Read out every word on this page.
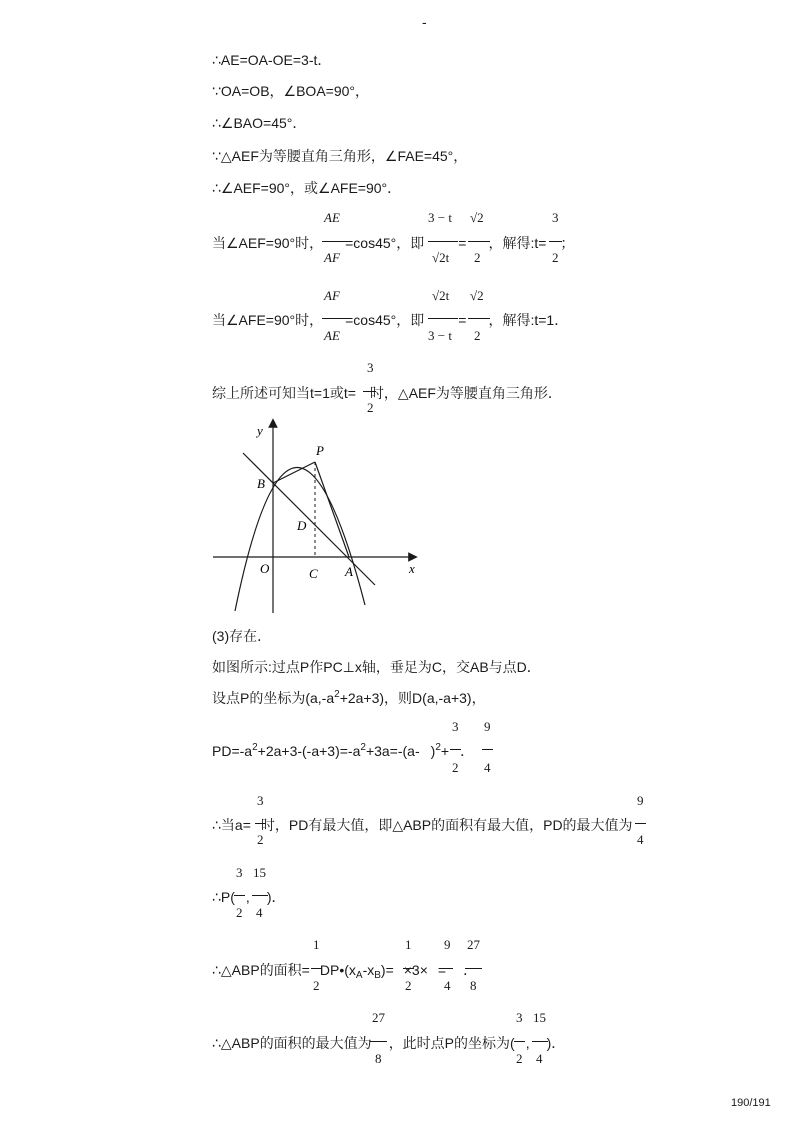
-
∴AE=OA-OE=3-t．
∵OA=OB，∠BOA=90°，
∴∠BAO=45°．
∵△AEF为等腰直角三角形，∠FAE=45°，
∴∠AEF=90°，或∠AFE=90°．
当∠AEF=90°时， =cos45°，即 = ，解得:t= ；
AE
AF
3 − t
√2t
√2
2
3
2
当∠AFE=90°时， =cos45°，即 = ，解得:t=1．
AF
AE
√2t
3 − t
√2
2
综上所述可知当t=1或t= 时，△AEF为等腰直角三角形．
3
2
y
x
P
B
D
O	C A
(3)存在．
如图所示:过点P作PC⊥x轴，垂足为C，交AB与点D．
设点P的坐标为$(a,-a^2+2a+3)$，则D(a,-a+3)，
$PD=-a^2+2a+3-(-a+3)=-a^2+3a=-(a-$ )$^2$+ ．
3
2
9
4
∴当a= 时，PD有最大值，即△ABP的面积有最大值，PD的最大值为
3
2
9
4
∴P( , )．
3
2
15
4
∴△ABP的面积= $DP•(x_A-x_B)= \times 3\times$ = ．
1
2
1
2
9
4
27
8
∴△ABP的面积的最大值为 ，此时点P的坐标为( , )．
27
8
3
2
15
4
190/191
